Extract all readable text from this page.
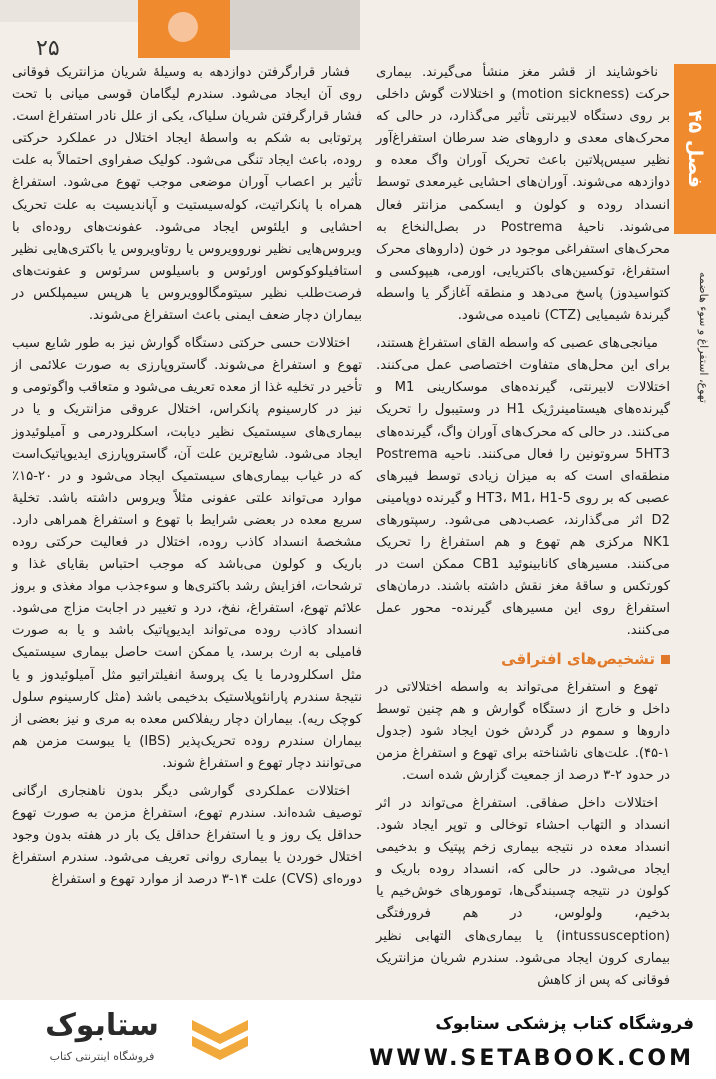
۲۵
فصل ۴۵
تهوع، استفراغ و سوء هاضمه

ناخوشایند از قشر مغز منشأ می‌گیرند. بیماری حرکت (motion sickness) و اختلالات گوش داخلی بر روی دستگاه لابیرنتی تأثیر می‌گذارد، در حالی که محرک‌های معدی و داروهای ضد سرطان استفراغ‌آور نظیر سیس‌پلاتین باعث تحریک آوران واگ معده و دوازدهه می‌شوند. آوران‌های احشایی غیرمعدی توسط انسداد روده و کولون و ایسکمی مزانتر فعال می‌شوند. ناحیهٔ Postrema در بصل‌النخاع به محرک‌های استفراغی موجود در خون (داروهای محرک استفراغ، توکسین‌های باکتریایی، اورمی، هیپوکسی و کتواسیدوز) پاسخ می‌دهد و منطقه آغازگر یا واسطه گیرندهٔ شیمیایی (CTZ) نامیده می‌شود.

میانجی‌های عصبی که واسطه القای استفراغ هستند، برای این محل‌های متفاوت اختصاصی عمل می‌کنند. اختلالات لابیرنتی، گیرنده‌های موسکارینی M1 و گیرنده‌های هیستامینرژیک H1 در وستیبول را تحریک می‌کنند. در حالی که محرک‌های آوران واگ، گیرنده‌های 5HT3 سروتونین را فعال می‌کنند. ناحیه Postrema منطقه‌ای است که به میزان زیادی توسط فیبرهای عصبی که بر روی 5-HT3، M1، H1 و گیرنده دوپامینی D2 اثر می‌گذارند، عصب‌دهی می‌شود. رسپتورهای NK1 مرکزی هم تهوع و هم استفراغ را تحریک می‌کنند. مسیرهای کانابینوئید CB1 ممکن است در کورتکس و ساقهٔ مغز نقش داشته باشند. درمان‌های استفراغ روی این مسیرهای گیرنده- محور عمل می‌کنند.

تشخیص‌های افتراقی

تهوع و استفراغ می‌تواند به واسطه اختلالاتی در داخل و خارج از دستگاه گوارش و هم چنین توسط داروها و سموم در گردش خون ایجاد شود (جدول ۱-۴۵). علت‌های ناشناخته برای تهوع و استفراغ مزمن در حدود ۲-۳ درصد از جمعیت گزارش شده است.

اختلالات داخل صفاقی. استفراغ می‌تواند در اثر انسداد و التهاب احشاء توخالی و توپر ایجاد شود. انسداد معده در نتیجه بیماری زخم پپتیک و بدخیمی ایجاد می‌شود. در حالی که، انسداد روده باریک و کولون در نتیجه چسبندگی‌ها، تومورهای خوش‌خیم یا بدخیم، ولولوس، در هم فرورفتگی (intussusception) یا بیماری‌های التهابی نظیر بیماری کرون ایجاد می‌شود. سندرم شریان مزانتریک فوقانی که پس از کاهش

فشار قرارگرفتن دوازدهه به وسیلهٔ شریان مزانتریک فوقانی روی آن ایجاد می‌شود. سندرم لیگامان قوسی میانی با تحت فشار قرارگرفتن شریان سلیاک، یکی از علل نادر استفراغ است. پرتوتابی به شکم به واسطهٔ ایجاد اختلال در عملکرد حرکتی روده، باعث ایجاد تنگی می‌شود. کولیک صفراوی احتمالاً به علت تأثیر بر اعصاب آوران موضعی موجب تهوع می‌شود. استفراغ همراه با پانکراتیت، کوله‌سیستیت و آپاندیسیت به علت تحریک احشایی و ایلئوس ایجاد می‌شود. عفونت‌های روده‌ای با ویروس‌هایی نظیر نوروویروس یا روتاویروس یا باکتری‌هایی نظیر استافیلوکوکوس اورئوس و باسیلوس سرئوس و عفونت‌های فرصت‌طلب نظیر سیتومگالوویروس یا هرپس سیمپلکس در بیماران دچار ضعف ایمنی باعث استفراغ می‌شوند.

اختلالات حسی حرکتی دستگاه گوارش نیز به طور شایع سبب تهوع و استفراغ می‌شوند. گاستروپارزی به صورت علائمی از تأخیر در تخلیه غذا از معده تعریف می‌شود و متعاقب واگوتومی و نیز در کارسینوم پانکراس، اختلال عروقی مزانتریک و یا در بیماری‌های سیستمیک نظیر دیابت، اسکلرودرمی و آمیلوئیدوز ایجاد می‌شود. شایع‌ترین علت آن، گاستروپارزی ایدیوپاتیک‌است که در غیاب بیماری‌های سیستمیک ایجاد می‌شود و در ۲۰-۱۵٪ موارد می‌تواند علتی عفونی مثلاً ویروس داشته باشد. تخلیهٔ سریع معده در بعضی شرایط با تهوع و استفراغ همراهی دارد. مشخصهٔ انسداد کاذب روده، اختلال در فعالیت حرکتی روده باریک و کولون می‌باشد که موجب احتباس بقایای غذا و ترشحات، افزایش رشد باکتری‌ها و سوءجذب مواد مغذی و بروز علائم تهوع، استفراغ، نفخ، درد و تغییر در اجابت مزاج می‌شود. انسداد کاذب روده می‌تواند ایدیوپاتیک باشد و یا به صورت فامیلی به ارث برسد، یا ممکن است حاصل بیماری سیستمیک مثل اسکلرودرما یا یک پروسهٔ انفیلتراتیو مثل آمیلوئیدوز و یا نتیجهٔ سندرم پارانئوپلاستیک بدخیمی باشد (مثل کارسینوم سلول کوچک ریه). بیماران دچار ریفلاکس معده به مری و نیز بعضی از بیماران سندرم روده تحریک‌پذیر (IBS) یا یبوست مزمن هم می‌توانند دچار تهوع و استفراغ شوند.

اختلالات عملکردی گوارشی دیگر بدون ناهنجاری ارگانی توصیف شده‌اند. سندرم تهوع، استفراغ مزمن به صورت تهوع حداقل یک روز و یا استفراغ حداقل یک بار در هفته بدون وجود اختلال خوردن یا بیماری روانی تعریف می‌شود. سندرم استفراغ دوره‌ای (CVS) علت ۱۴-۳ درصد از موارد تهوع و استفراغ

ستابوک
فروشگاه اینترنتی کتاب
فروشگاه کتاب پزشکی ستابوک
WWW.SETABOOK.COM
